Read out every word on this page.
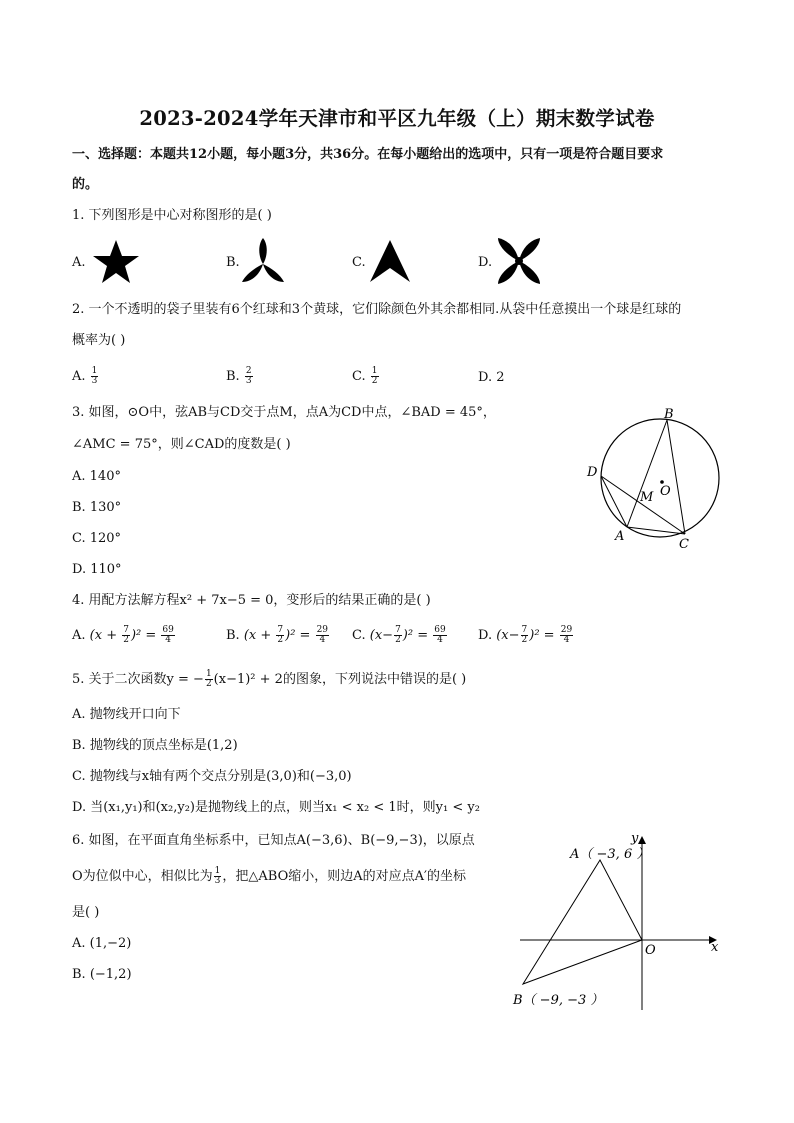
2023-2024学年天津市和平区九年级（上）期末数学试卷
一、选择题：本题共12小题，每小题3分，共36分。在每小题给出的选项中，只有一项是符合题目要求
的。
1. 下列图形是中心对称图形的是( )
A.	B.	C.	D.
2. 一个不透明的袋子里装有6个红球和3个黄球，它们除颜色外其余都相同.从袋中任意摸出一个球是红球的
概率为( )
A. $\frac{1}{3}$	B. $\frac{2}{3}$	C. $\frac{1}{2}$	D. 2
3. 如图，⊙O中，弦AB与CD交于点M，点A为CD中点，∠BAD = 45°，
∠AMC = 75°，则∠CAD的度数是( )
A. 140°
B. 130°
C. 120°
D. 110°
B
D
M O
A
C
4. 用配方法解方程x² + 7x−5 = 0，变形后的结果正确的是( )
A. $(x + \frac{7}{2} )^2 = \frac{69}{4}$	B. $(x + \frac{7}{2} )^2 = \frac{29}{4} C$. $(x- \frac{7}{2} )^2 = \frac{69}{4} D$. $(x- \frac{7}{2} )^2 = \frac{29}{4}$
5. 关于二次函数y = − $\frac{1}{2} (x-1)^2 + 2$的图象，下列说法中错误的是( )
A. 抛物线开口向下
B. 抛物线的顶点坐标是(1,2)
C. 抛物线与x轴有两个交点分别是(3,0)和(−3,0)
D. 当(x₁,y₁)和(x₂,y₂)是抛物线上的点，则当x₁ < x₂ < 1时，则y₁ < y₂
6. 如图，在平面直角坐标系中，已知点A(−3,6)、B(−9,−3)，以原点
O为位似中心，相似比为 $\frac{1}{3}$ ，把△ABO缩小，则边A的对应点A′的坐标
是( )
A. (1,−2)
B. (−1,2)
A（ −3, 6 ）
B（ −9, −3 ）
O	x
y
